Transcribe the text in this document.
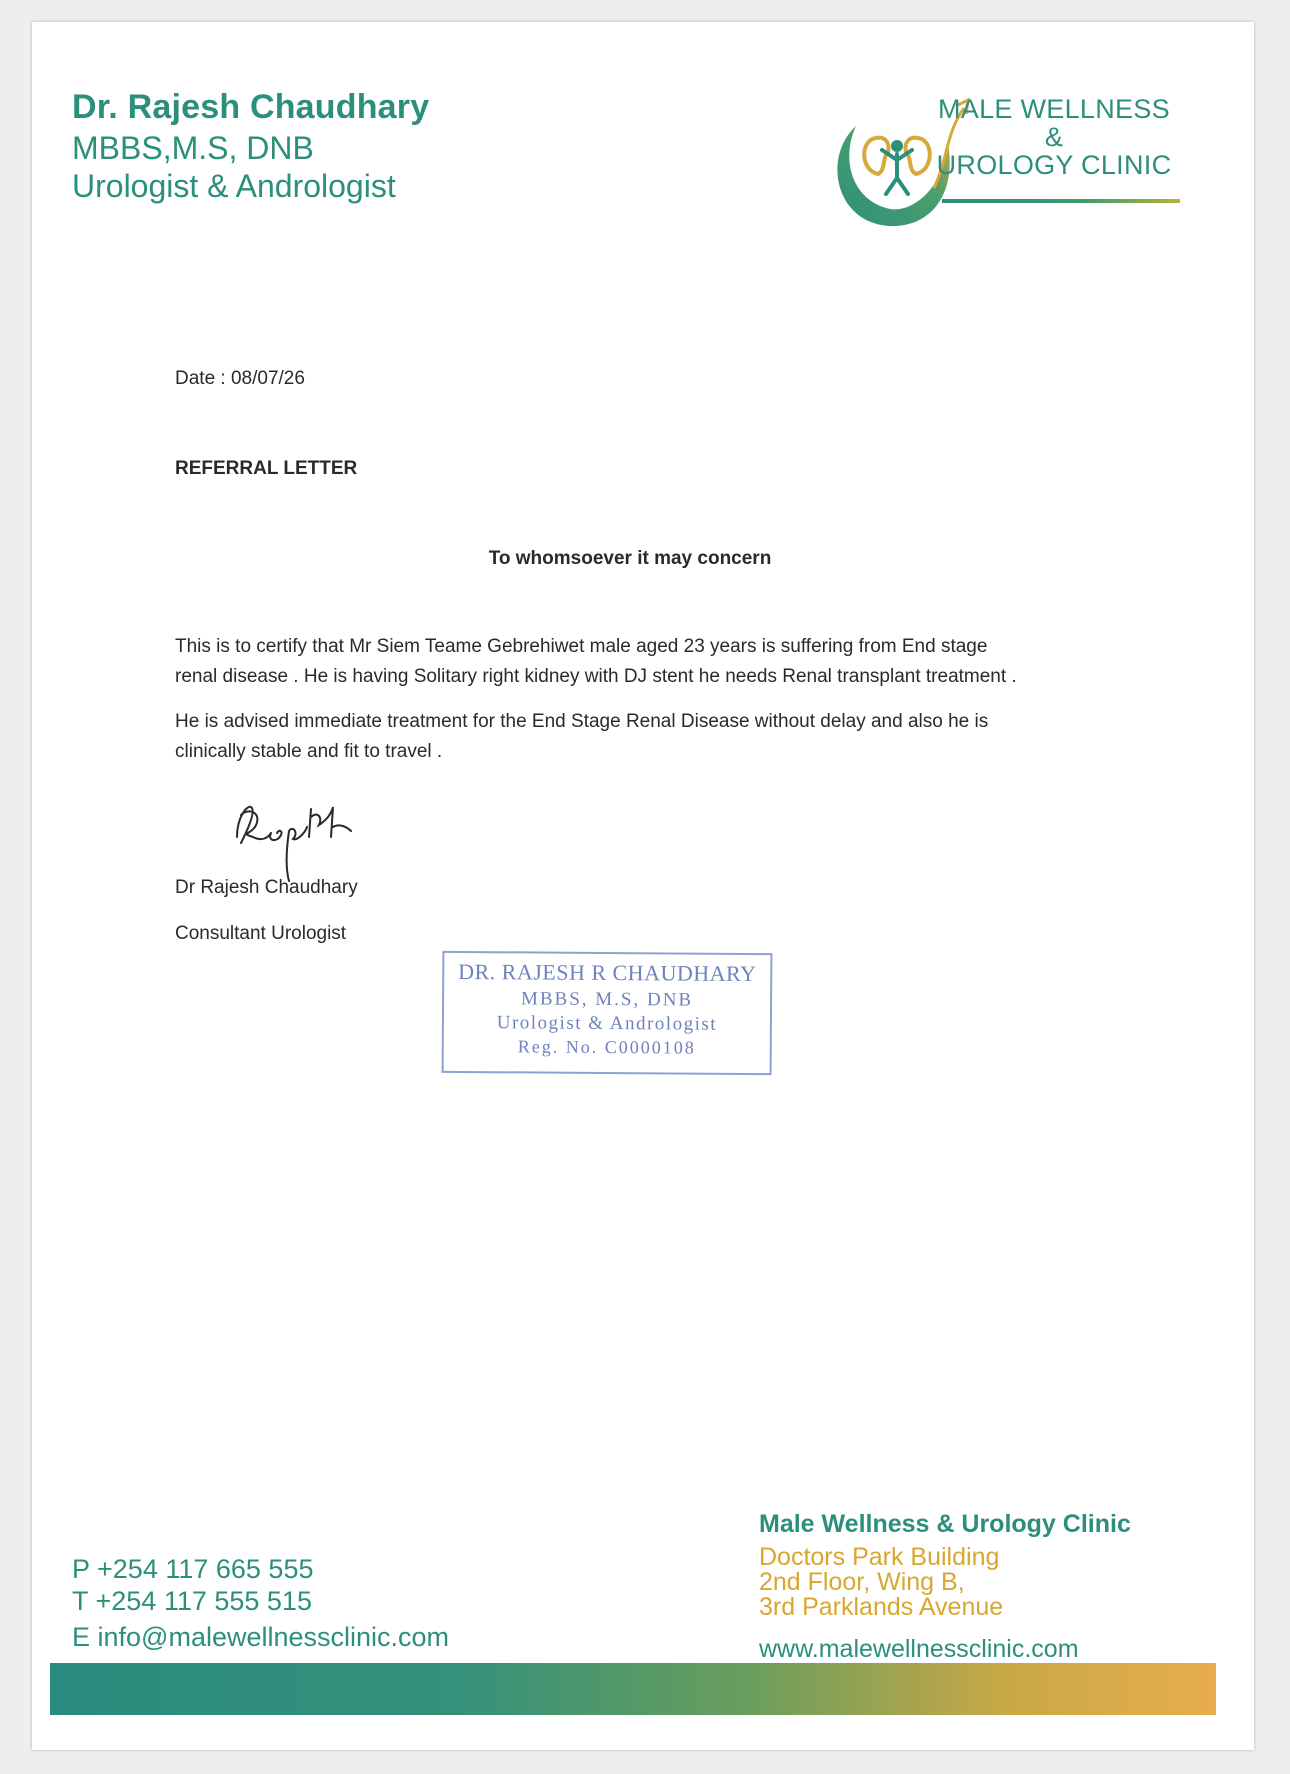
Dr. Rajesh Chaudhary
MBBS,M.S, DNB
Urologist & Andrologist
MALE WELLNESS
&
UROLOGY CLINIC
Date : 08/07/26
REFERRAL LETTER
To whomsoever it may concern
This is to certify that Mr Siem Teame Gebrehiwet male aged 23 years is suffering from End stage
renal disease . He is having Solitary right kidney with DJ stent he needs Renal transplant treatment .
He is advised immediate treatment for the End Stage Renal Disease without delay and also he is
clinically stable and fit to travel .
Dr Rajesh Chaudhary
Consultant Urologist
DR. RAJESH R CHAUDHARY
MBBS, M.S, DNB
Urologist & Andrologist
Reg. No. C0000108
P +254 117 665 555
T +254 117 555 515
E info@malewellnessclinic.com
Male Wellness & Urology Clinic
Doctors Park Building
2nd Floor, Wing B,
3rd Parklands Avenue
www.malewellnessclinic.com
